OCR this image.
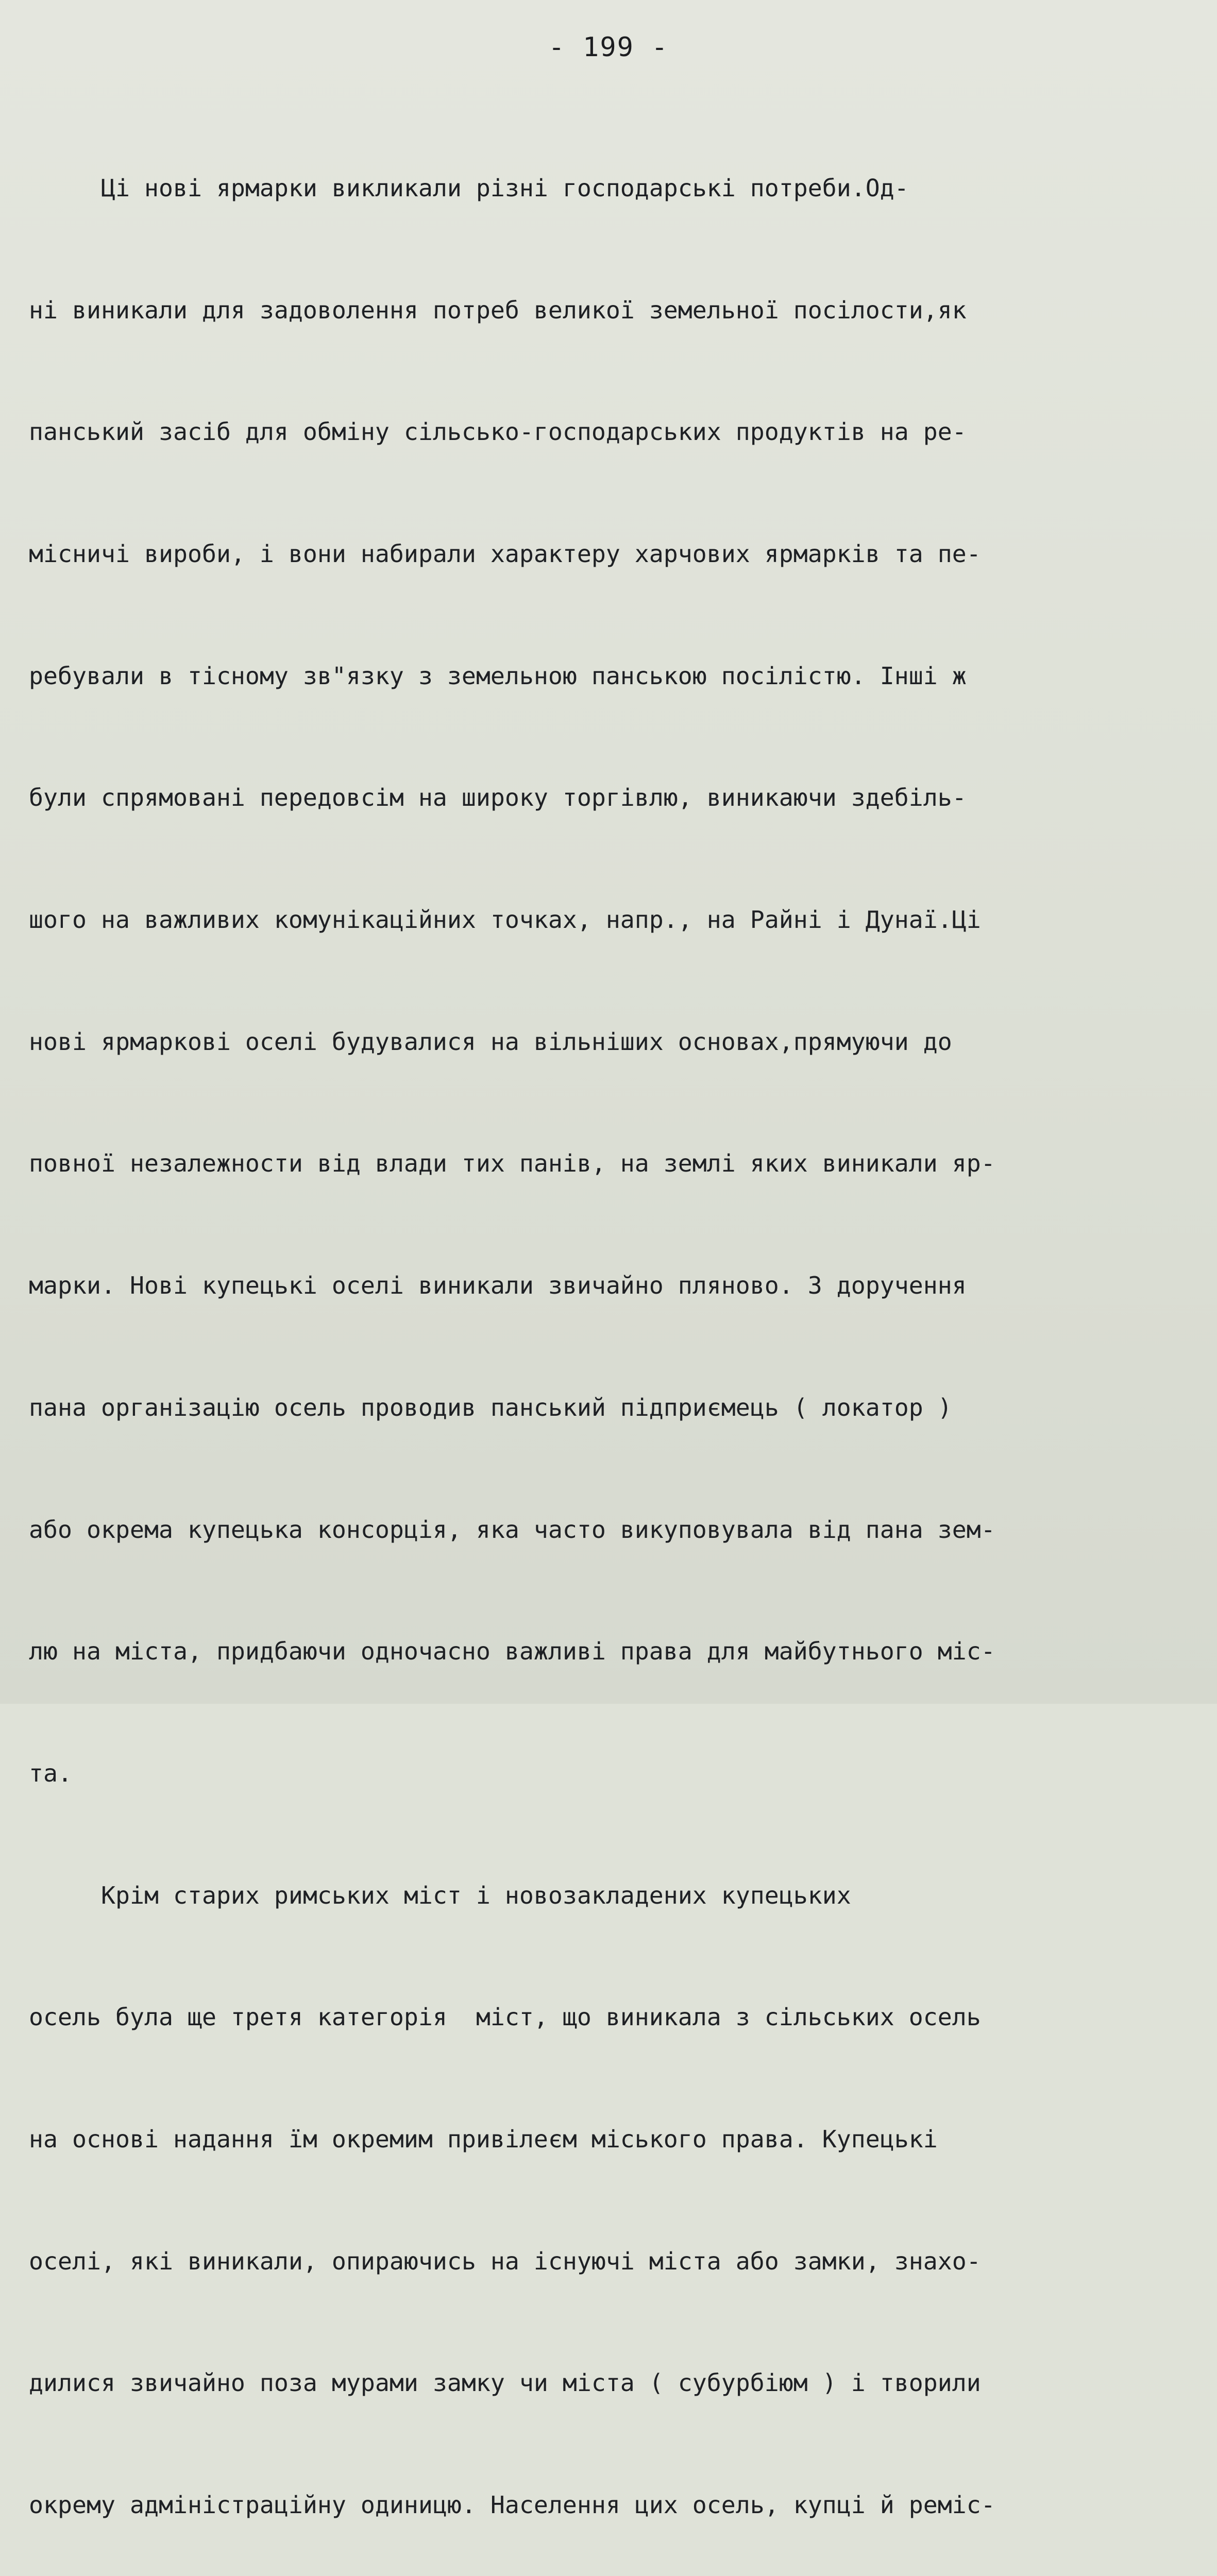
- 199 -

Ці нові ярмарки викликали різні господарські потреби.Од-

ні виникали для задоволення потреб великої земельної посілости,як

панський засіб для обміну сільсько-господарських продуктів на ре-

місничі вироби, і вони набирали характеру харчових ярмарків та пе-

ребували в тісному зв"язку з земельною панською посілістю. Інші ж

були спрямовані передовсім на широку торгівлю, виникаючи здебіль-

шого на важливих комунікаційних точках, напр., на Райні і Дунаї.Ці

нові ярмаркові оселі будувалися на вільніших основах,прямуючи до

повної незалежности від влади тих панів, на землі яких виникали яр-

марки. Нові купецькі оселі виникали звичайно пляново. З доручення

пана організацію осель проводив панський підприємець ( локатор )

або окрема купецька консорція, яка часто викуповувала від пана зем-

лю на міста, придбаючи одночасно важливі права для майбутнього міс-

та.

Крім старих римських міст і новозакладених купецьких

осель була ще третя категорія  міст, що виникала з сільських осель

на основі надання їм окремим привілеєм міського права. Купецькі

оселі, які виникали, опираючись на існуючі міста або замки, знахо-

дилися звичайно поза мурами замку чи міста ( субурбіюм ) і творили

окрему адміністраційну одиницю. Населення цих осель, купці й реміс-
